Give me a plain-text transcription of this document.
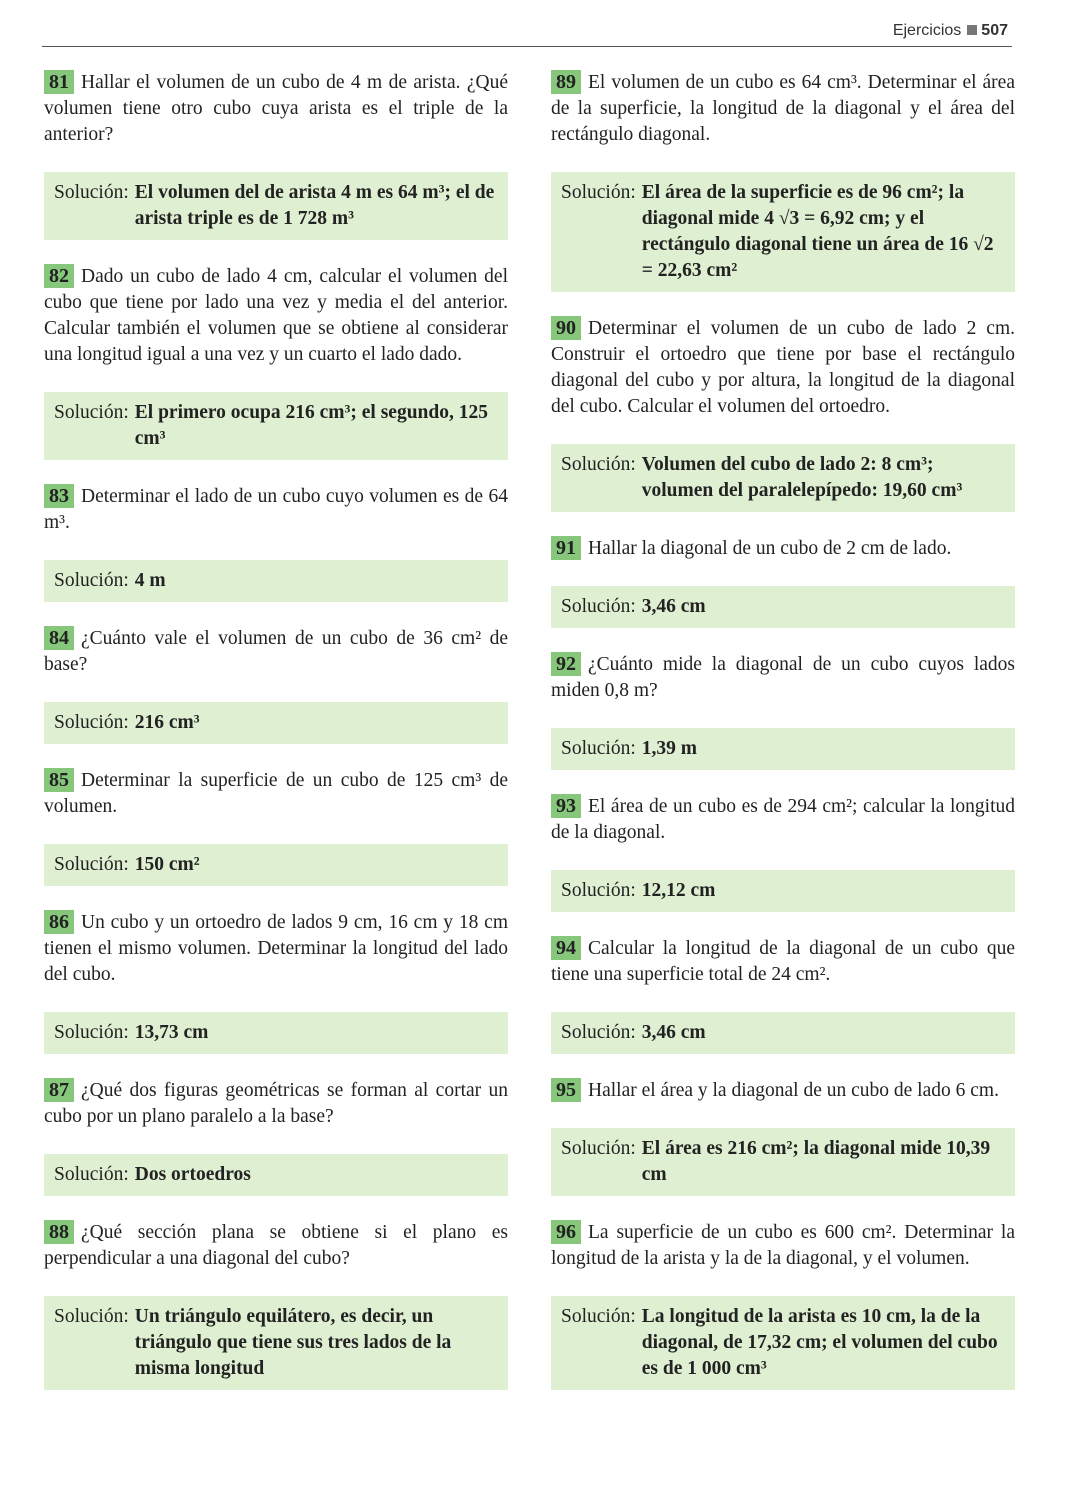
Ejercicios 507
81 Hallar el volumen de un cubo de 4 m de arista. ¿Qué volumen tiene otro cubo cuya arista es el triple de la anterior?
Solución: El volumen del de arista 4 m es 64 m³; el de arista triple es de 1 728 m³
82 Dado un cubo de lado 4 cm, calcular el volumen del cubo que tiene por lado una vez y media el del anterior. Calcular también el volumen que se obtiene al considerar una longitud igual a una vez y un cuarto el lado dado.
Solución: El primero ocupa 216 cm³; el segundo, 125 cm³
83 Determinar el lado de un cubo cuyo volumen es de 64 m³.
Solución: 4 m
84 ¿Cuánto vale el volumen de un cubo de 36 cm² de base?
Solución: 216 cm³
85 Determinar la superficie de un cubo de 125 cm³ de volumen.
Solución: 150 cm²
86 Un cubo y un ortoedro de lados 9 cm, 16 cm y 18 cm tienen el mismo volumen. Determinar la longitud del lado del cubo.
Solución: 13,73 cm
87 ¿Qué dos figuras geométricas se forman al cortar un cubo por un plano paralelo a la base?
Solución: Dos ortoedros
88 ¿Qué sección plana se obtiene si el plano es perpendicular a una diagonal del cubo?
Solución: Un triángulo equilátero, es decir, un triángulo que tiene sus tres lados de la misma longitud
89 El volumen de un cubo es 64 cm³. Determinar el área de la superficie, la longitud de la diagonal y el área del rectángulo diagonal.
Solución: El área de la superficie es de 96 cm²; la diagonal mide 4 √3 = 6,92 cm; y el rectángulo diagonal tiene un área de 16 √2 = 22,63 cm²
90 Determinar el volumen de un cubo de lado 2 cm. Construir el ortoedro que tiene por base el rectángulo diagonal del cubo y por altura, la longitud de la diagonal del cubo. Calcular el volumen del ortoedro.
Solución: Volumen del cubo de lado 2: 8 cm³; volumen del paralelepípedo: 19,60 cm³
91 Hallar la diagonal de un cubo de 2 cm de lado.
Solución: 3,46 cm
92 ¿Cuánto mide la diagonal de un cubo cuyos lados miden 0,8 m?
Solución: 1,39 m
93 El área de un cubo es de 294 cm²; calcular la longitud de la diagonal.
Solución: 12,12 cm
94 Calcular la longitud de la diagonal de un cubo que tiene una superficie total de 24 cm².
Solución: 3,46 cm
95 Hallar el área y la diagonal de un cubo de lado 6 cm.
Solución: El área es 216 cm²; la diagonal mide 10,39 cm
96 La superficie de un cubo es 600 cm². Determinar la longitud de la arista y la de la diagonal, y el volumen.
Solución: La longitud de la arista es 10 cm, la de la diagonal, de 17,32 cm; el volumen del cubo es de 1 000 cm³
